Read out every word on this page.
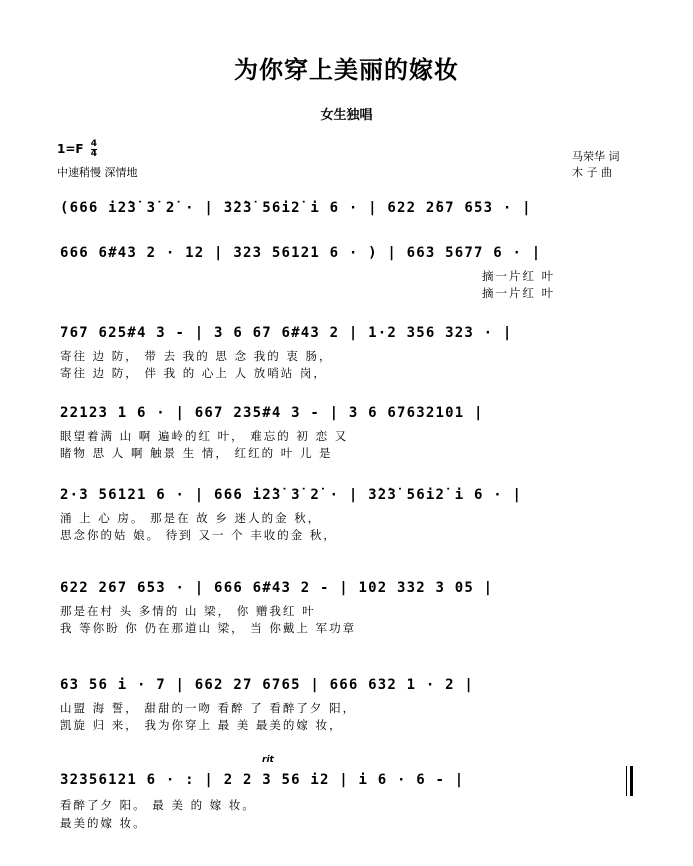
为你穿上美丽的嫁妆
女生独唱
$1=F \frac{4}{4}$
中速稍慢 深情地
马荣华 词
木 子 曲
(666 i2̇3̇ 3̇ 2̇ · | 3̇2̇3̇ 56i2̇ i 6 · | 622 2̇67 653 · |
666 6#43 2 · 12 | 323 56121 6 · ) | 663 5677 6 · |
摘一片红 叶
摘一片红 叶
767 625#4 3 - | 3 6 67 6#43 2 | 1·2 356 323 · |
寄往 边 防， 带 去 我的 思 念 我的 衷 肠，
寄往 边 防， 伴 我 的 心上 人 放哨站 岗，
22123 1 6 · | 667 235#4 3 - | 3 6 67632101 |
眼望着满 山 啊 遍岭的红 叶， 难忘的 初 恋 又
睹物 思 人 啊 触景 生 情， 红红的 叶 儿 是
2·3 56121 6 · | 666 i2̇3̇ 3̇ 2̇ · | 3̇2̇3̇ 56i2̇ i 6 · |
涌 上 心 房。 那是在 故 乡 迷人的金 秋，
思念你的姑 娘。 待到 又一 个 丰收的金 秋，
622 267 653 · | 666 6#43 2 - | 102 332 3 05 |
那是在村 头 多情的 山 梁， 你 赠我红 叶
我 等你盼 你 仍在那道山 梁， 当 你戴上 军功章
63 56 i · 7 | 662 27 6765 | 666 632 1 · 2 |
山盟 海 誓， 甜甜的一吻 看醉 了 看醉了夕 阳，
凯旋 归 来， 我为你穿上 最 美 最美的嫁 妆，
rit
32356121 6 · : | 2 2 3 56 i2 | i 6 · 6 - |
看醉了夕 阳。 最 美 的 嫁 妆。
最美的嫁 妆。
